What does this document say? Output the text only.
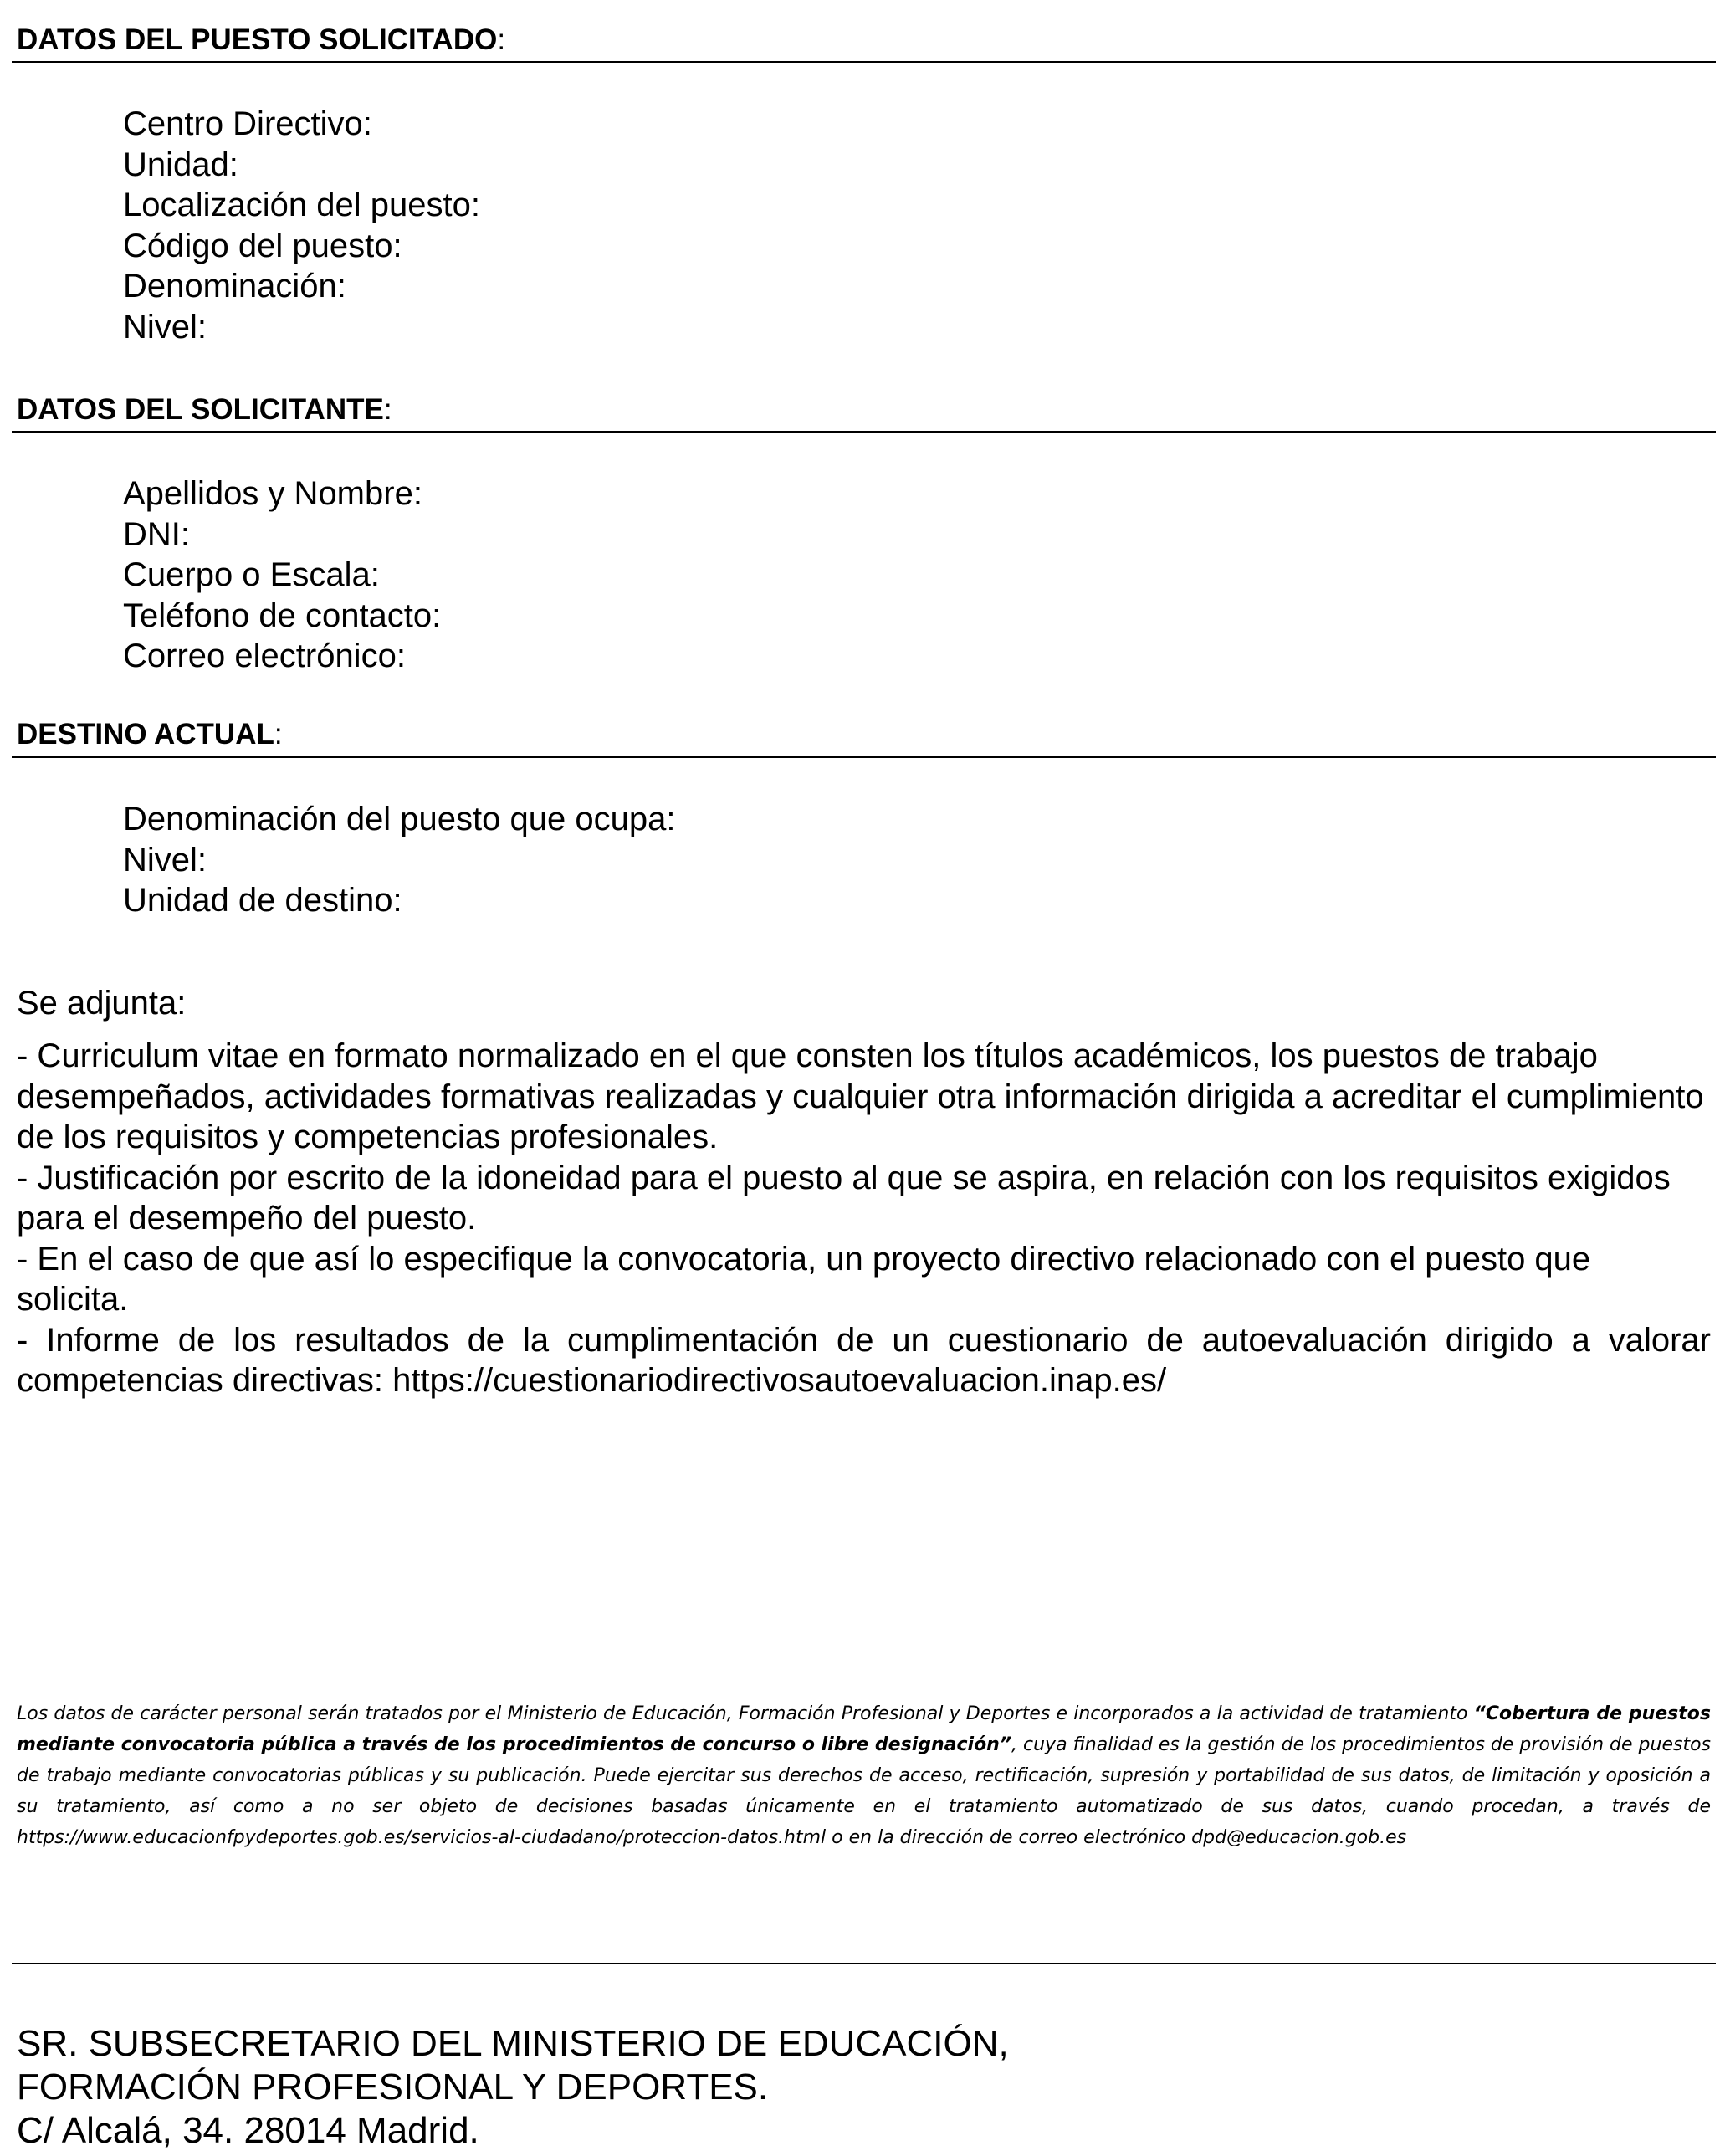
DATOS DEL PUESTO SOLICITADO:
Centro Directivo:
Unidad:
Localización del puesto:
Código del puesto:
Denominación:
Nivel:
DATOS DEL SOLICITANTE:
Apellidos y Nombre:
DNI:
Cuerpo o Escala:
Teléfono de contacto:
Correo electrónico:
DESTINO ACTUAL:
Denominación del puesto que ocupa:
Nivel:
Unidad de destino:
Se adjunta:
- Curriculum vitae en formato normalizado en el que consten los títulos académicos, los puestos de trabajo desempeñados, actividades formativas realizadas y cualquier otra información dirigida a acreditar el cumplimiento de los requisitos y competencias profesionales.
- Justificación por escrito de la idoneidad para el puesto al que se aspira, en relación con los requisitos exigidos para el desempeño del puesto.
- En el caso de que así lo especifique la convocatoria, un proyecto directivo relacionado con el puesto que solicita.
- Informe de los resultados de la cumplimentación de un cuestionario de autoevaluación dirigido a valorar competencias directivas: https://cuestionariodirectivosautoevaluacion.inap.es/
Los datos de carácter personal serán tratados por el Ministerio de Educación, Formación Profesional y Deportes e incorporados a la actividad de tratamiento “Cobertura de puestos mediante convocatoria pública a través de los procedimientos de concurso o libre designación”, cuya finalidad es la gestión de los procedimientos de provisión de puestos de trabajo mediante convocatorias públicas y su publicación. Puede ejercitar sus derechos de acceso, rectificación, supresión y portabilidad de sus datos, de limitación y oposición a su tratamiento, así como a no ser objeto de decisiones basadas únicamente en el tratamiento automatizado de sus datos, cuando procedan, a través de https://www.educacionfpydeportes.gob.es/servicios-al-ciudadano/proteccion-datos.html o en la dirección de correo electrónico dpd@educacion.gob.es
SR. SUBSECRETARIO DEL MINISTERIO DE EDUCACIÓN,
FORMACIÓN PROFESIONAL Y DEPORTES.
C/ Alcalá, 34. 28014 Madrid.
